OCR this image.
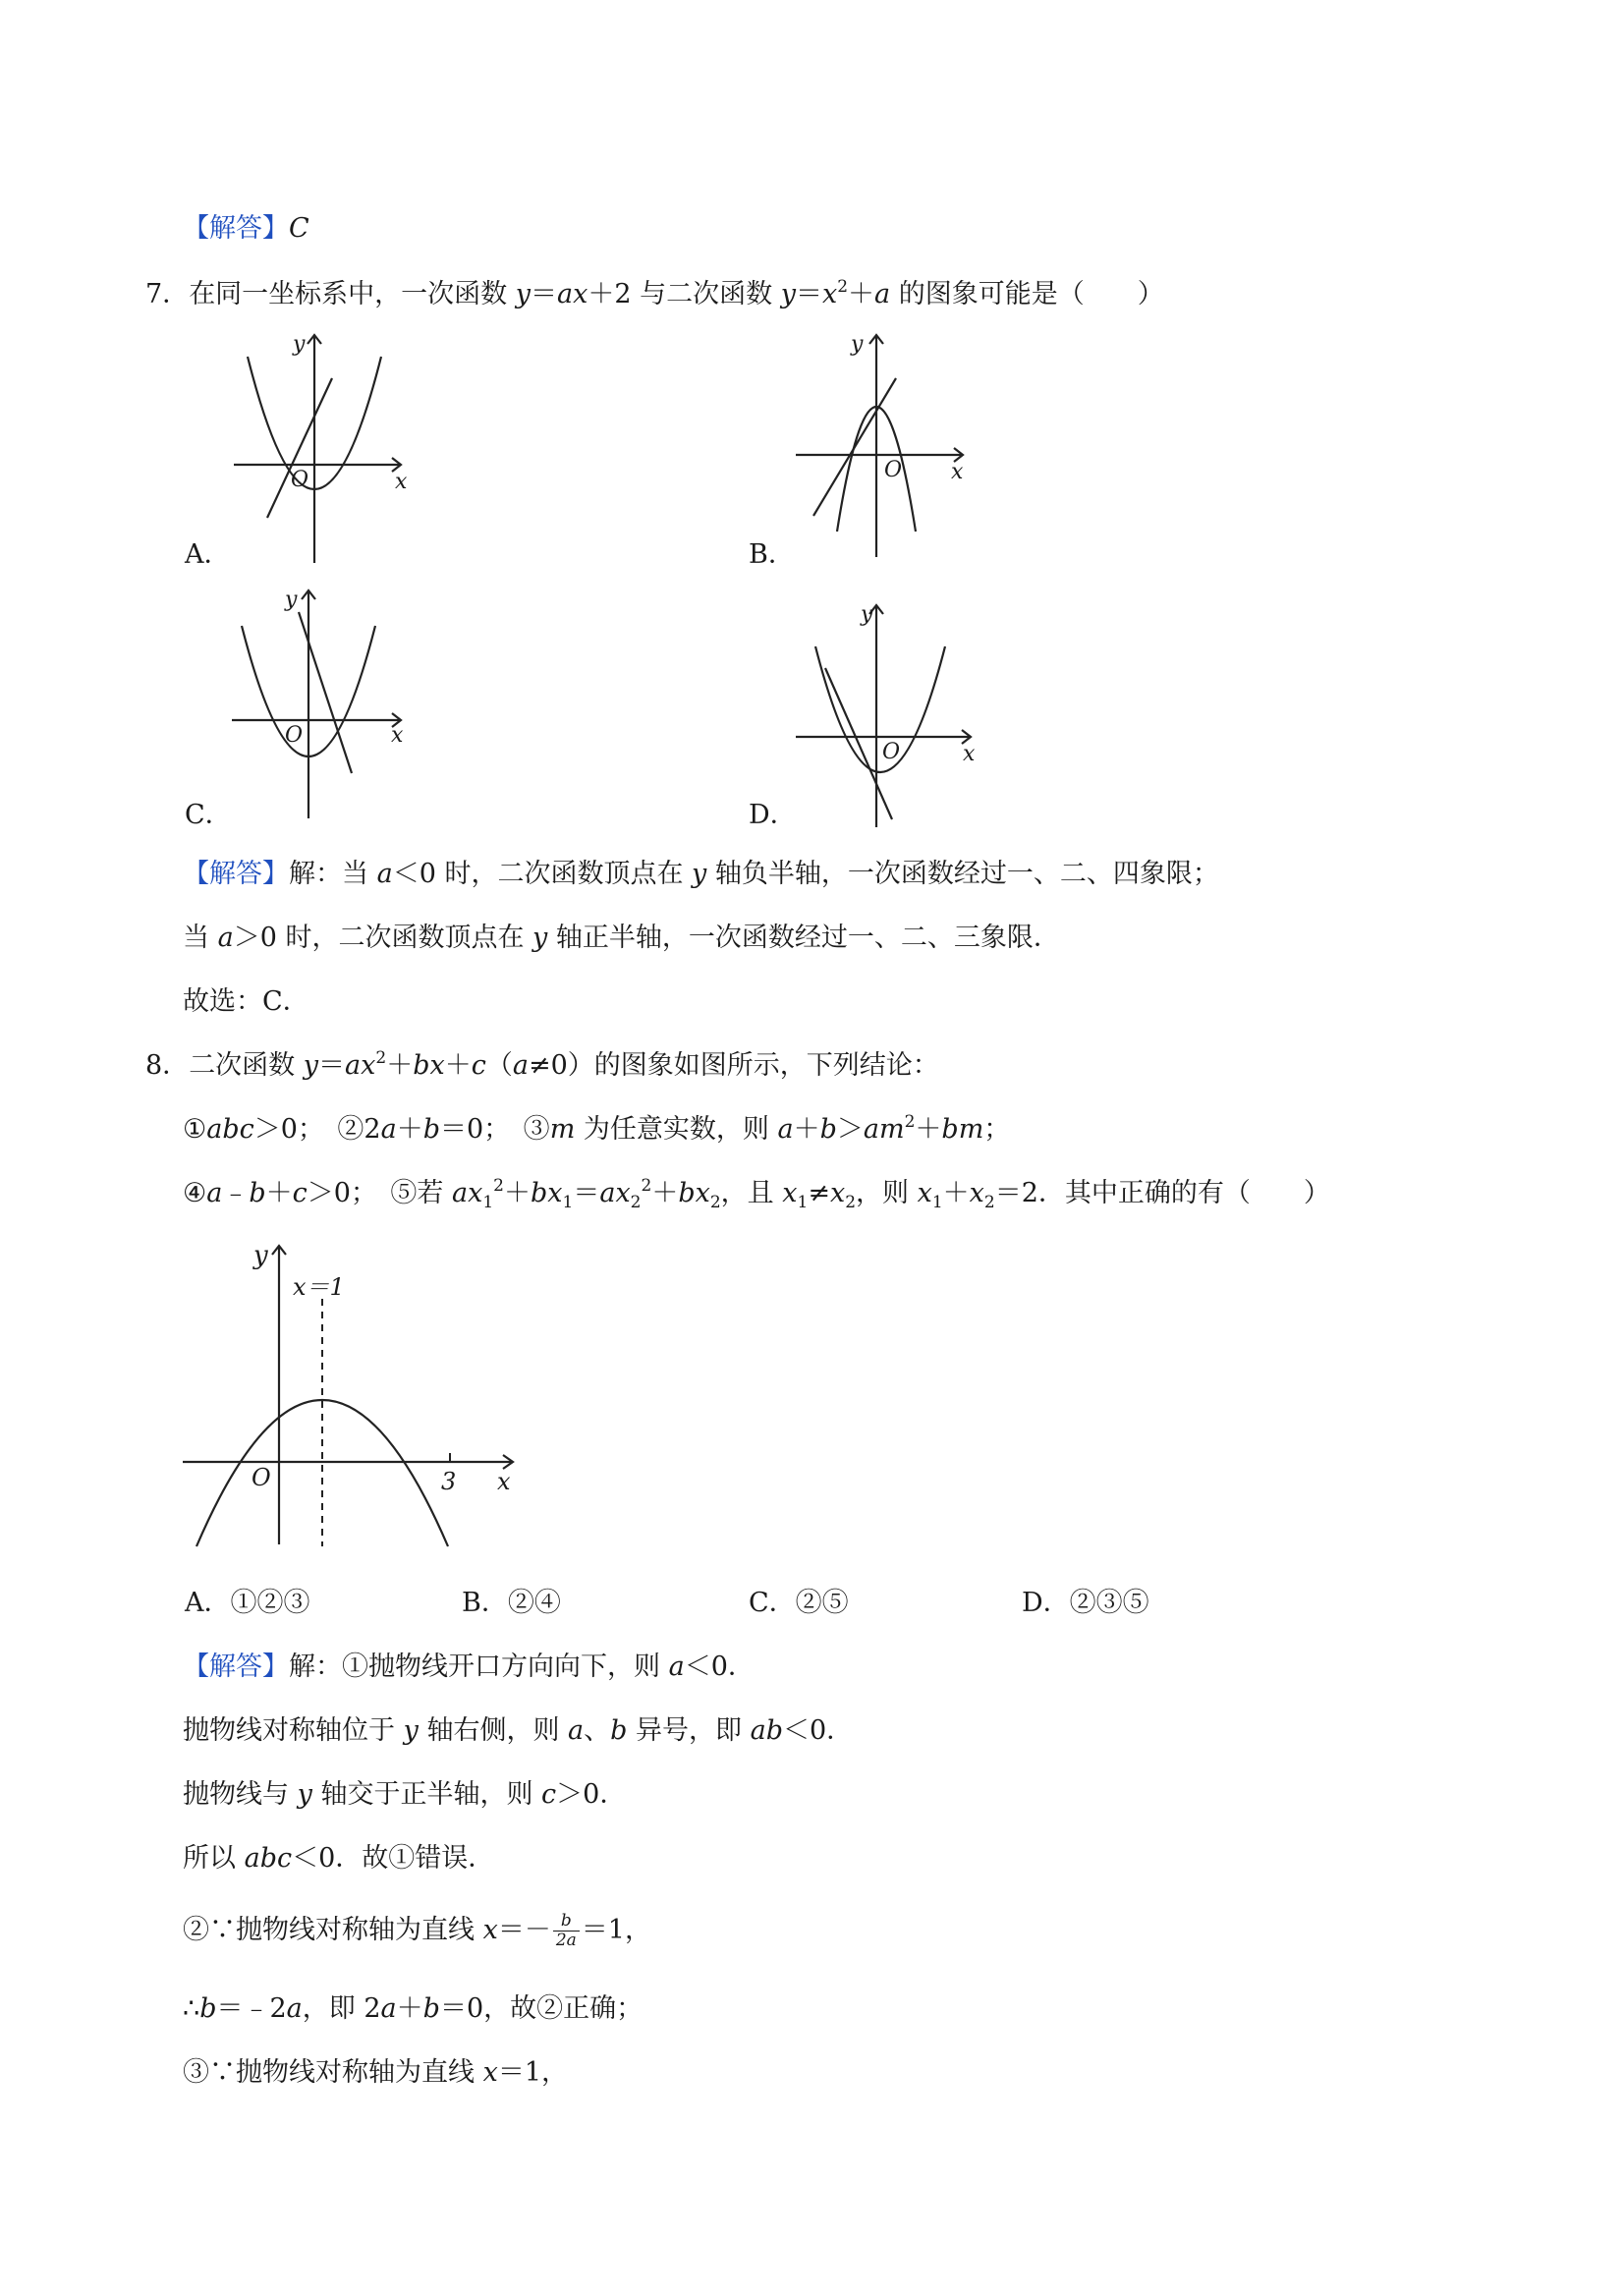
【解答】C
7．在同一坐标系中，一次函数 y＝ax＋2 与二次函数 $y=x^2+a$ 的图象可能是（　　）
y
x
O
A．
y
x
O
B．
y
x
O
C．
y
x
O
D．
【解答】解：当 a＜0 时，二次函数顶点在 y 轴负半轴，一次函数经过一、二、四象限；
当 a＞0 时，二次函数顶点在 y 轴正半轴，一次函数经过一、二、三象限．
故选：C．
8．二次函数 $y=ax^2+bx+c(a\ne 0)$的图象如图所示，下列结论：
①abc＞0；　②2a＋b＝0；　③m 为任意实数，则 $a+b>am^2+bm$；
④a﹣b＋c＞0；　⑤若 $ax_1^2+bx_1=ax_2^2+bx_2$，且 $x_1\ne x_2$，则 $x_1+x_2=2$．其中正确的有（　　）
y
x＝1
O	3 x
A．①②③	B．②④	C．②⑤	D．②③⑤
【解答】解：①抛物线开口方向向下，则 a＜0．
抛物线对称轴位于 y 轴右侧，则 a、b 异号，即 ab＜0．
抛物线与 y 轴交于正半轴，则 c＞0．
所以 abc＜0．故①错误．
②∵抛物线对称轴为直线 $x=- \frac{b}{2a} =1$，
∴b＝﹣2a，即 2a＋b＝0，故②正确；
③∵抛物线对称轴为直线 x＝1，
